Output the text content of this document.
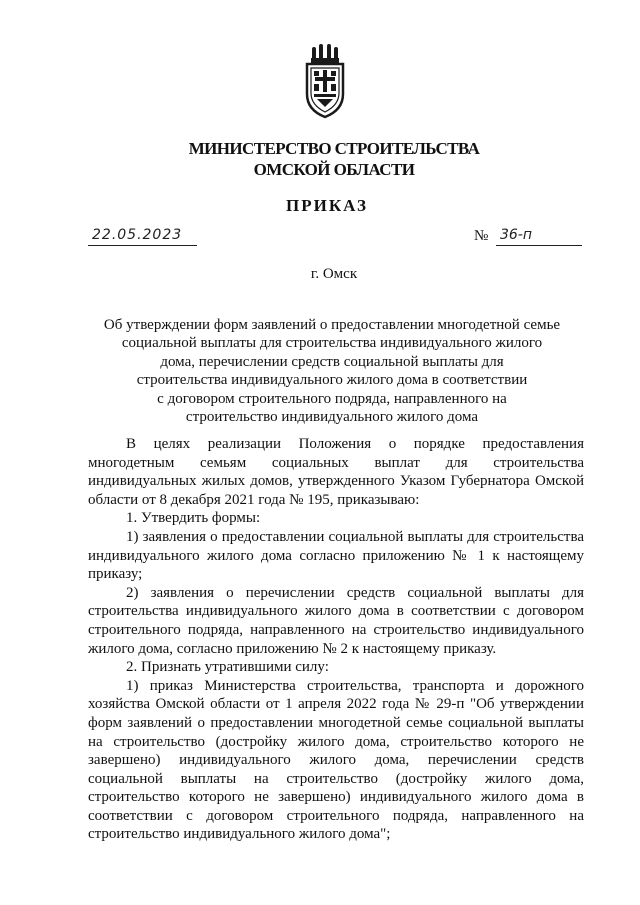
МИНИСТЕРСТВО СТРОИТЕЛЬСТВА
ОМСКОЙ ОБЛАСТИ
ПРИКАЗ
22.05.2023	№ 36-п
г. Омск
Об утверждении форм заявлений о предоставлении многодетной семье
социальной выплаты для строительства индивидуального жилого
дома, перечислении средств социальной выплаты для
строительства индивидуального жилого дома в соответствии
с договором строительного подряда, направленного на
строительство индивидуального жилого дома

В целях реализации Положения о порядке предоставления многодетным семьям социальных выплат для строительства индивидуальных жилых домов, утвержденного Указом Губернатора Омской области от 8 декабря 2021 года № 195, приказываю:

1. Утвердить формы:

1) заявления о предоставлении социальной выплаты для строительства индивидуального жилого дома согласно приложению № 1 к настоящему приказу;

2) заявления о перечислении средств социальной выплаты для строительства индивидуального жилого дома в соответствии с договором строительного подряда, направленного на строительство индивидуального жилого дома, согласно приложению № 2 к настоящему приказу.

2. Признать утратившими силу:

1) приказ Министерства строительства, транспорта и дорожного хозяйства Омской области от 1 апреля 2022 года № 29-п "Об утверждении форм заявлений о предоставлении многодетной семье социальной выплаты на строительство (достройку жилого дома, строительство которого не завершено) индивидуального жилого дома, перечислении средств социальной выплаты на строительство (достройку жилого дома, строительство которого не завершено) индивидуального жилого дома в соответствии с договором строительного подряда, направленного на строительство индивидуального жилого дома";
